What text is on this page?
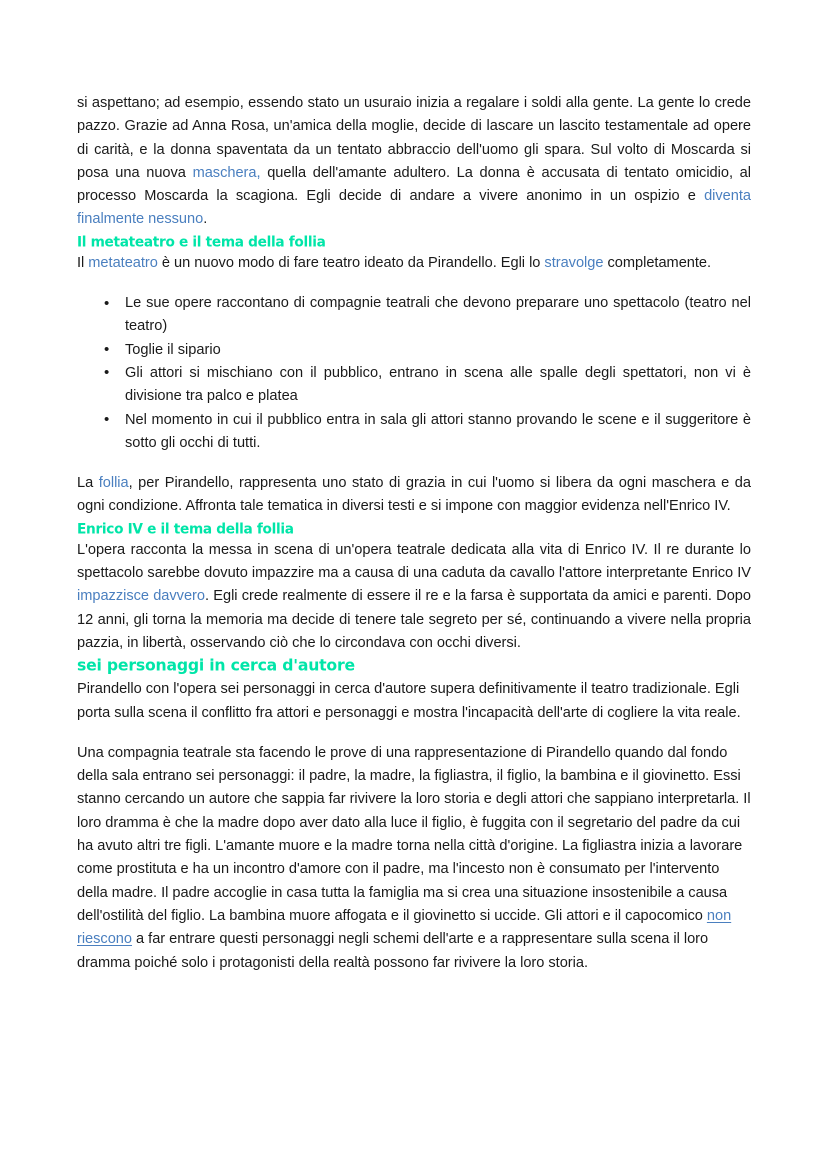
si aspettano; ad esempio, essendo stato un usuraio inizia a regalare i soldi alla gente. La gente lo crede pazzo. Grazie ad Anna Rosa, un'amica della moglie, decide di lascare un lascito testamentale ad opere di carità, e la donna spaventata da un tentato abbraccio dell'uomo gli spara. Sul volto di Moscarda si posa una nuova maschera, quella dell'amante adultero. La donna è accusata di tentato omicidio, al processo Moscarda la scagiona. Egli decide di andare a vivere anonimo in un ospizio e diventa finalmente nessuno.

Il metateatro e il tema della follia

Il metateatro è un nuovo modo di fare teatro ideato da Pirandello. Egli lo stravolge completamente.

• Le sue opere raccontano di compagnie teatrali che devono preparare uno spettacolo (teatro nel teatro)
• Toglie il sipario
• Gli attori si mischiano con il pubblico, entrano in scena alle spalle degli spettatori, non vi è divisione tra palco e platea
• Nel momento in cui il pubblico entra in sala gli attori stanno provando le scene e il suggeritore è sotto gli occhi di tutti.

La follia, per Pirandello, rappresenta uno stato di grazia in cui l'uomo si libera da ogni maschera e da ogni condizione. Affronta tale tematica in diversi testi e si impone con maggior evidenza nell'Enrico IV.

Enrico IV e il tema della follia

L'opera racconta la messa in scena di un'opera teatrale dedicata alla vita di Enrico IV. Il re durante lo spettacolo sarebbe dovuto impazzire ma a causa di una caduta da cavallo l'attore interpretante Enrico IV impazzisce davvero. Egli crede realmente di essere il re e la farsa è supportata da amici e parenti. Dopo 12 anni, gli torna la memoria ma decide di tenere tale segreto per sé, continuando a vivere nella propria pazzia, in libertà, osservando ciò che lo circondava con occhi diversi.

sei personaggi in cerca d'autore

Pirandello con l'opera sei personaggi in cerca d'autore supera definitivamente il teatro tradizionale. Egli porta sulla scena il conflitto fra attori e personaggi e mostra l'incapacità dell'arte di cogliere la vita reale.

Una compagnia teatrale sta facendo le prove di una rappresentazione di Pirandello quando dal fondo della sala entrano sei personaggi: il padre, la madre, la figliastra, il figlio, la bambina e il giovinetto. Essi stanno cercando un autore che sappia far rivivere la loro storia e degli attori che sappiano interpretarla. Il loro dramma è che la madre dopo aver dato alla luce il figlio, è fuggita con il segretario del padre da cui ha avuto altri tre figli. L'amante muore e la madre torna nella città d'origine. La figliastra inizia a lavorare come prostituta e ha un incontro d'amore con il padre, ma l'incesto non è consumato per l'intervento della madre. Il padre accoglie in casa tutta la famiglia ma si crea una situazione insostenibile a causa dell'ostilità del figlio. La bambina muore affogata e il giovinetto si uccide. Gli attori e il capocomico non riescono a far entrare questi personaggi negli schemi dell'arte e a rappresentare sulla scena il loro dramma poiché solo i protagonisti della realtà possono far rivivere la loro storia.
